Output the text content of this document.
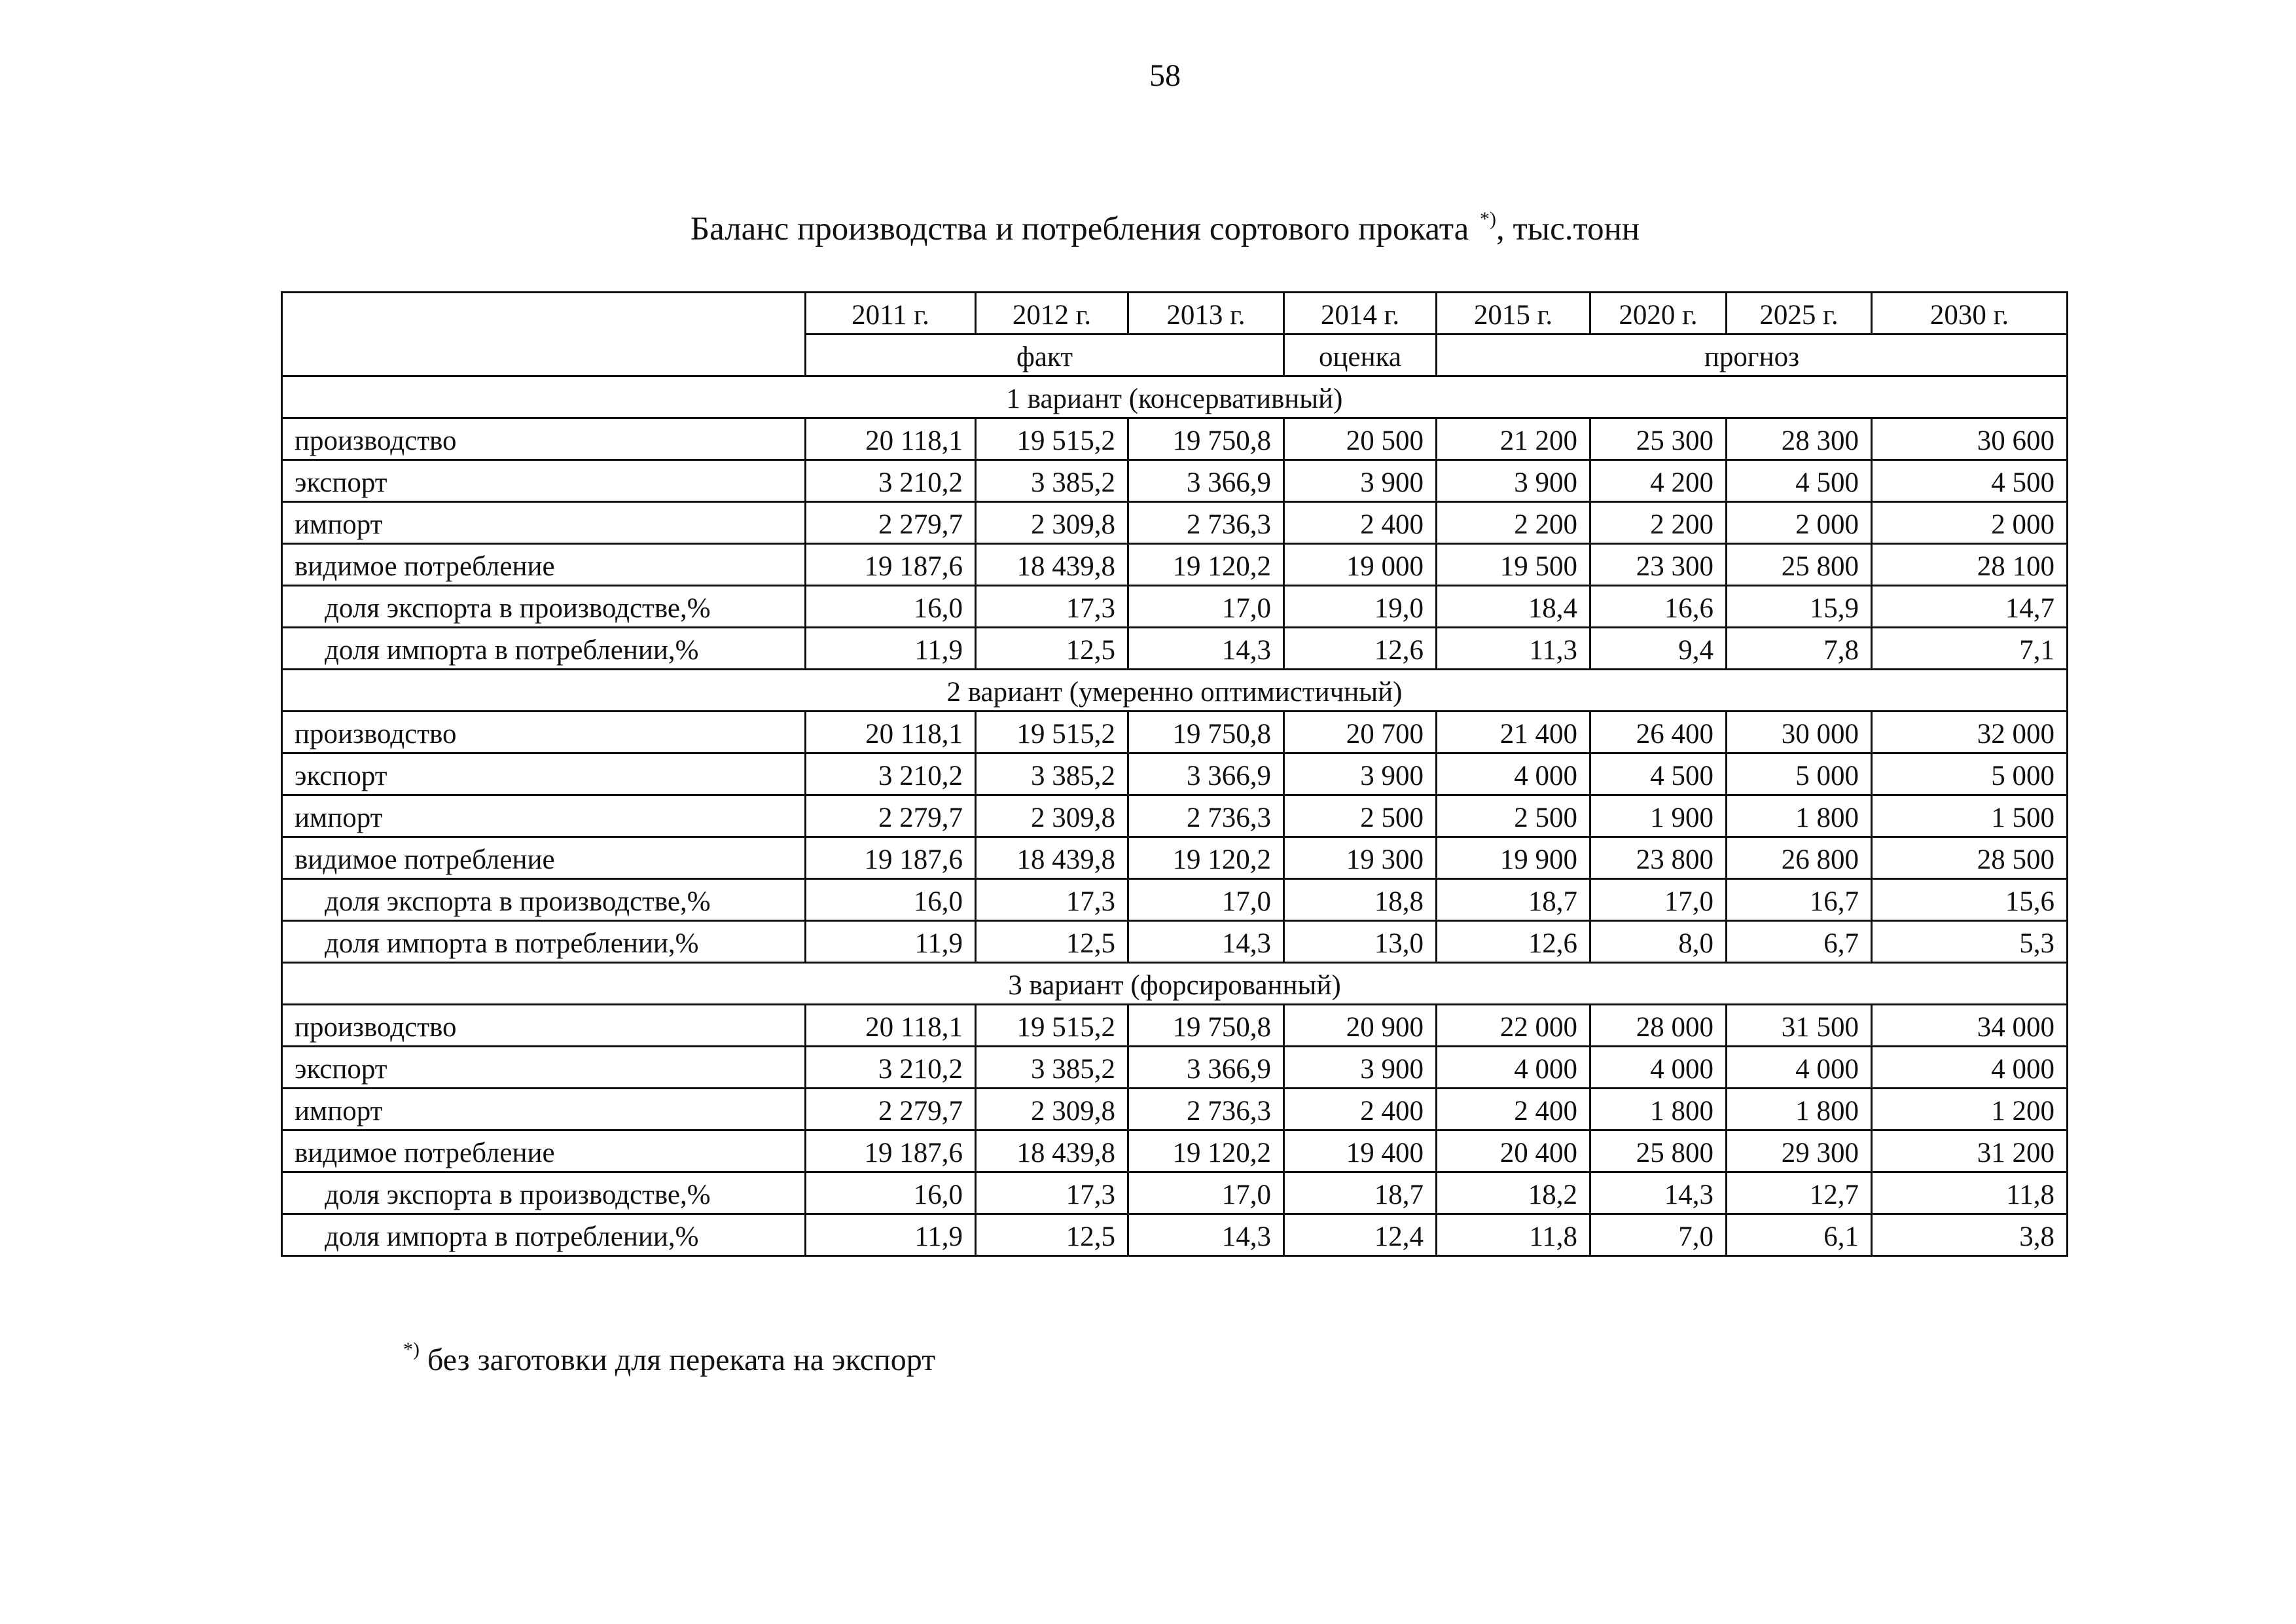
58
Баланс производства и потребления сортового проката *), тыс.тонн
	2011 г.	2012 г.	2013 г.	2014 г.	2015 г.	2020 г.	2025 г.	2030 г.
	факт			оценка	прогноз			
1 вариант (консервативный)								
производство	20 118,1	19 515,2	19 750,8	20 500	21 200	25 300	28 300	30 600
экспорт	3 210,2	3 385,2	3 366,9	3 900	3 900	4 200	4 500	4 500
импорт	2 279,7	2 309,8	2 736,3	2 400	2 200	2 200	2 000	2 000
видимое потребление	19 187,6	18 439,8	19 120,2	19 000	19 500	23 300	25 800	28 100
доля экспорта в производстве,%	16,0	17,3	17,0	19,0	18,4	16,6	15,9	14,7
доля импорта в потреблении,%	11,9	12,5	14,3	12,6	11,3	9,4	7,8	7,1
2 вариант (умеренно оптимистичный)								
производство	20 118,1	19 515,2	19 750,8	20 700	21 400	26 400	30 000	32 000
экспорт	3 210,2	3 385,2	3 366,9	3 900	4 000	4 500	5 000	5 000
импорт	2 279,7	2 309,8	2 736,3	2 500	2 500	1 900	1 800	1 500
видимое потребление	19 187,6	18 439,8	19 120,2	19 300	19 900	23 800	26 800	28 500
доля экспорта в производстве,%	16,0	17,3	17,0	18,8	18,7	17,0	16,7	15,6
доля импорта в потреблении,%	11,9	12,5	14,3	13,0	12,6	8,0	6,7	5,3
3 вариант (форсированный)								
производство	20 118,1	19 515,2	19 750,8	20 900	22 000	28 000	31 500	34 000
экспорт	3 210,2	3 385,2	3 366,9	3 900	4 000	4 000	4 000	4 000
импорт	2 279,7	2 309,8	2 736,3	2 400	2 400	1 800	1 800	1 200
видимое потребление	19 187,6	18 439,8	19 120,2	19 400	20 400	25 800	29 300	31 200
доля экспорта в производстве,%	16,0	17,3	17,0	18,7	18,2	14,3	12,7	11,8
доля импорта в потреблении,%	11,9	12,5	14,3	12,4	11,8	7,0	6,1	3,8
*) без заготовки для переката на экспорт
